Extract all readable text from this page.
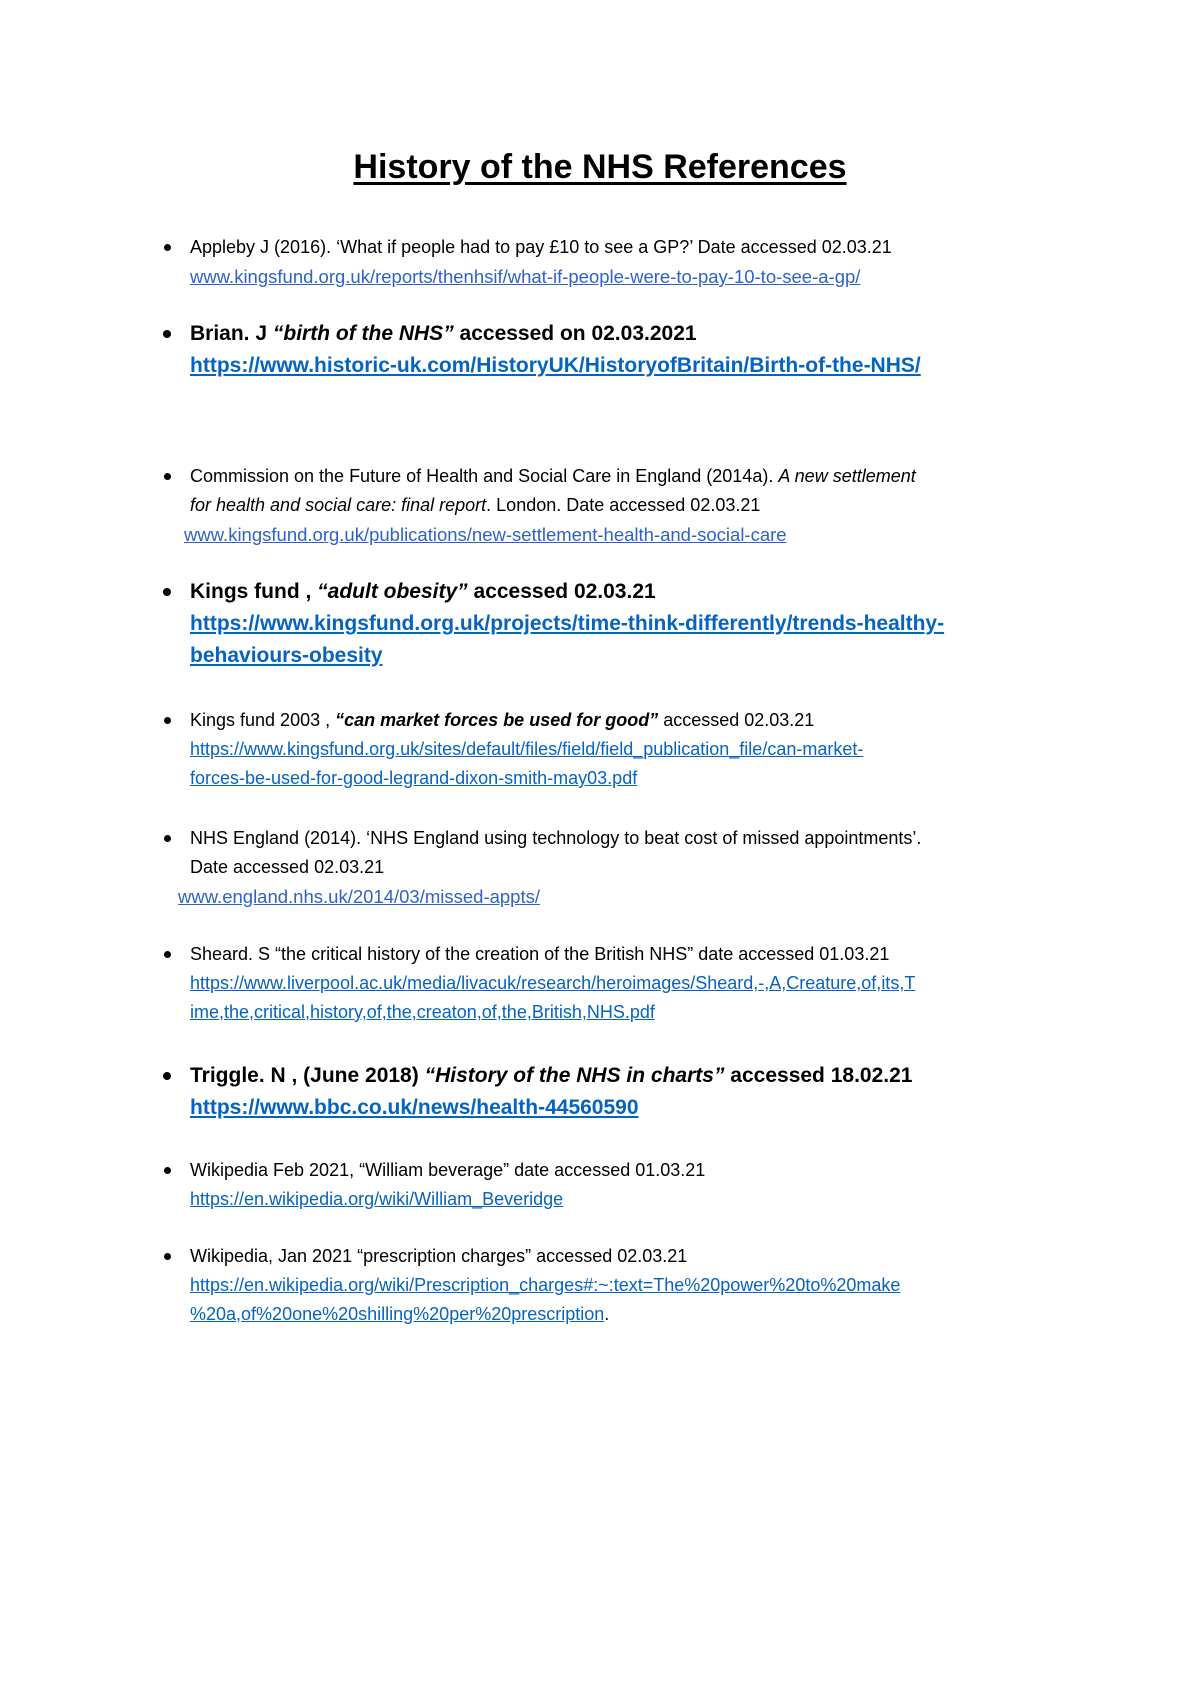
History of the NHS References

Appleby J (2016). ‘What if people had to pay £10 to see a GP?’ Date accessed 02.03.21

www.kingsfund.org.uk/reports/thenhsif/what-if-people-were-to-pay-10-to-see-a-gp/

Brian. J “birth of the NHS” accessed on 02.03.2021

https://www.historic-uk.com/HistoryUK/HistoryofBritain/Birth-of-the-NHS/

Commission on the Future of Health and Social Care in England (2014a). A new settlement

for health and social care: final report. London. Date accessed 02.03.21

www.kingsfund.org.uk/publications/new-settlement-health-and-social-care

Kings fund , “adult obesity” accessed 02.03.21

https://www.kingsfund.org.uk/projects/time-think-differently/trends-healthy-

behaviours-obesity

Kings fund 2003 , “can market forces be used for good” accessed 02.03.21

https://www.kingsfund.org.uk/sites/default/files/field/field_publication_file/can-market-

forces-be-used-for-good-legrand-dixon-smith-may03.pdf

NHS England (2014). ‘NHS England using technology to beat cost of missed appointments’.

Date accessed 02.03.21

www.england.nhs.uk/2014/03/missed-appts/

Sheard. S “the critical history of the creation of the British NHS” date accessed 01.03.21

https://www.liverpool.ac.uk/media/livacuk/research/heroimages/Sheard,-,A,Creature,of,its,T

ime,the,critical,history,of,the,creaton,of,the,British,NHS.pdf

Triggle. N , (June 2018) “History of the NHS in charts” accessed 18.02.21

https://www.bbc.co.uk/news/health-44560590

Wikipedia Feb 2021, “William beverage” date accessed 01.03.21

https://en.wikipedia.org/wiki/William_Beveridge

Wikipedia, Jan 2021 “prescription charges” accessed 02.03.21

https://en.wikipedia.org/wiki/Prescription_charges#:~:text=The%20power%20to%20make

%20a,of%20one%20shilling%20per%20prescription.
